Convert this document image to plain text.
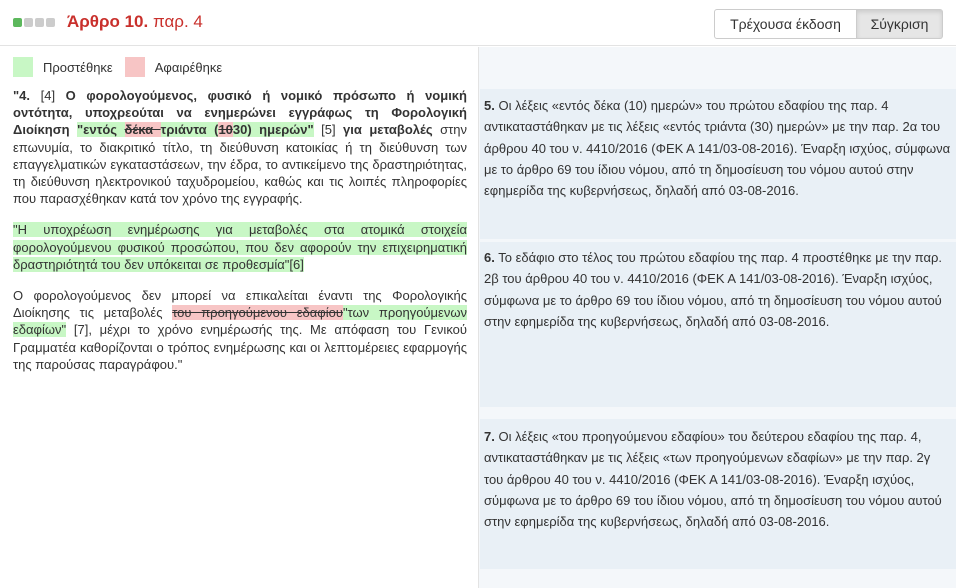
Άρθρο 10. παρ. 4	Τρέχουσα έκδοση	Σύγκριση
Προστέθηκε	Αφαιρέθηκε

"4. [4] Ο φορολογούμενος, φυσικό ή νομικό πρόσωπο ή νομική οντότητα, υποχρεούται να ενημερώνει εγγράφως τη Φορολογική Διοίκηση "εντός δέκα τριάντα (1030) ημερών" [5] για μεταβολές στην επωνυμία, το διακριτικό τίτλο, τη διεύθυνση κατοικίας ή τη διεύθυνση των επαγγελματικών εγκαταστάσεων, την έδρα, το αντικείμενο της δραστηριότητας, τη διεύθυνση ηλεκτρονικού ταχυδρομείου, καθώς και τις λοιπές πληροφορίες που παρασχέθηκαν κατά τον χρόνο της εγγραφής.

"Η υποχρέωση ενημέρωσης για μεταβολές στα ατομικά στοιχεία φορολογούμενου φυσικού προσώπου, που δεν αφορούν την επιχειρηματική δραστηριότητά του δεν υπόκειται σε προθεσμία"[6]

Ο φορολογούμενος δεν μπορεί να επικαλείται έναντι της Φορολογικής Διοίκησης τις μεταβολές του προηγούμενου εδαφίου"των προηγούμενων εδαφίων" [7], μέχρι το χρόνο ενημέρωσής της. Με απόφαση του Γενικού Γραμματέα καθορίζονται ο τρόπος ενημέρωσης και οι λεπτομέρειες εφαρμογής της παρούσας παραγράφου."

5. Οι λέξεις «εντός δέκα (10) ημερών» του πρώτου εδαφίου της παρ. 4 αντικαταστάθηκαν με τις λέξεις «εντός τριάντα (30) ημερών» με την παρ. 2α του άρθρου 40 του ν. 4410/2016 (ΦΕΚ Α 141/03-08-2016). Έναρξη ισχύος, σύμφωνα με το άρθρο 69 του ίδιου νόμου, από τη δημοσίευση του νόμου αυτού στην εφημερίδα της κυβερνήσεως, δηλαδή από 03-08-2016.
6. Το εδάφιο στο τέλος του πρώτου εδαφίου της παρ. 4 προστέθηκε με την παρ. 2β του άρθρου 40 του ν. 4410/2016 (ΦΕΚ Α 141/03-08-2016). Έναρξη ισχύος, σύμφωνα με το άρθρο 69 του ίδιου νόμου, από τη δημοσίευση του νόμου αυτού στην εφημερίδα της κυβερνήσεως, δηλαδή από 03-08-2016.
7. Οι λέξεις «του προηγούμενου εδαφίου» του δεύτερου εδαφίου της παρ. 4, αντικαταστάθηκαν με τις λέξεις «των προηγούμενων εδαφίων» με την παρ. 2γ του άρθρου 40 του ν. 4410/2016 (ΦΕΚ Α 141/03-08-2016). Έναρξη ισχύος, σύμφωνα με το άρθρο 69 του ίδιου νόμου, από τη δημοσίευση του νόμου αυτού στην εφημερίδα της κυβερνήσεως, δηλαδή από 03-08-2016.
